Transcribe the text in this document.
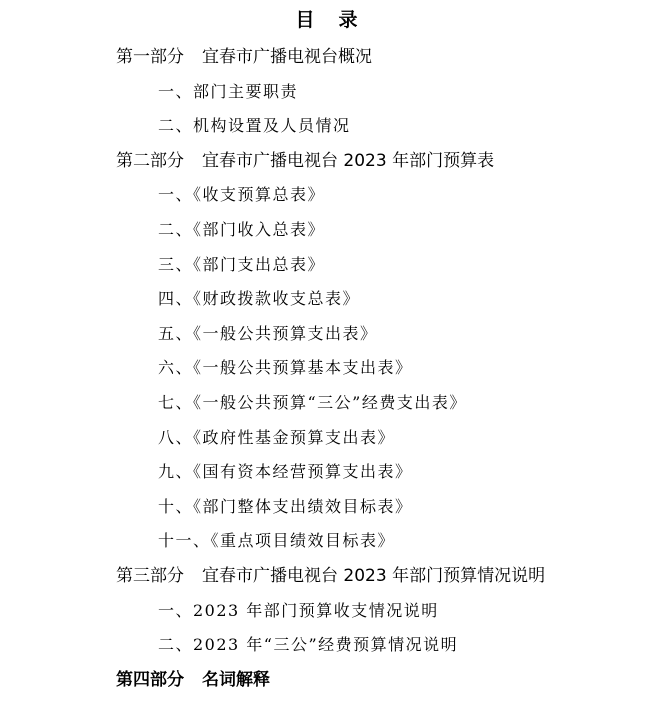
目录
第一部分 宜春市广播电视台概况
一、部门主要职责
二、机构设置及人员情况
第二部分 宜春市广播电视台 2023 年部门预算表
一、《收支预算总表》
二、《部门收入总表》
三、《部门支出总表》
四、《财政拨款收支总表》
五、《一般公共预算支出表》
六、《一般公共预算基本支出表》
七、《一般公共预算“三公”经费支出表》
八、《政府性基金预算支出表》
九、《国有资本经营预算支出表》
十、《部门整体支出绩效目标表》
十一、《重点项目绩效目标表》
第三部分 宜春市广播电视台 2023 年部门预算情况说明
一、2023 年部门预算收支情况说明
二、2023 年“三公”经费预算情况说明
第四部分 名词解释
